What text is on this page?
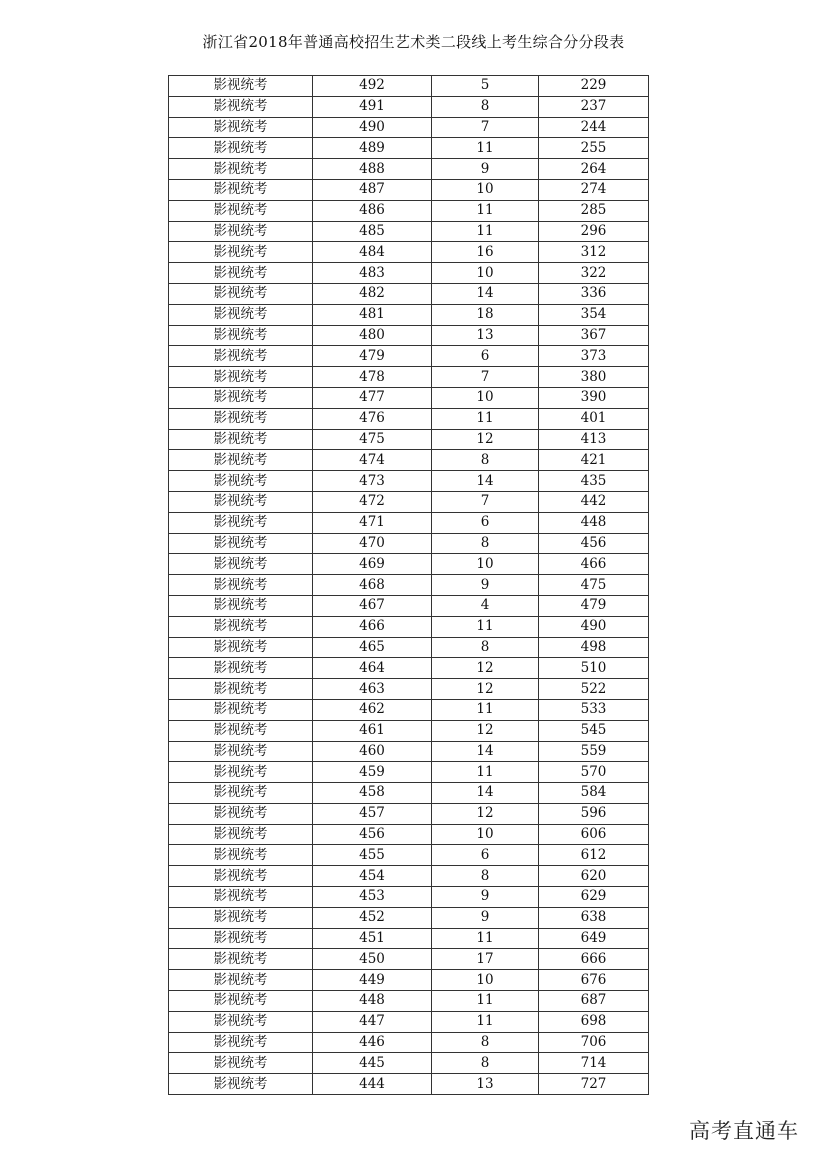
浙江省2018年普通高校招生艺术类二段线上考生综合分分段表
影视统考	492	5	229
影视统考	491	8	237
影视统考	490	7	244
影视统考	489	11	255
影视统考	488	9	264
影视统考	487	10	274
影视统考	486	11	285
影视统考	485	11	296
影视统考	484	16	312
影视统考	483	10	322
影视统考	482	14	336
影视统考	481	18	354
影视统考	480	13	367
影视统考	479	6	373
影视统考	478	7	380
影视统考	477	10	390
影视统考	476	11	401
影视统考	475	12	413
影视统考	474	8	421
影视统考	473	14	435
影视统考	472	7	442
影视统考	471	6	448
影视统考	470	8	456
影视统考	469	10	466
影视统考	468	9	475
影视统考	467	4	479
影视统考	466	11	490
影视统考	465	8	498
影视统考	464	12	510
影视统考	463	12	522
影视统考	462	11	533
影视统考	461	12	545
影视统考	460	14	559
影视统考	459	11	570
影视统考	458	14	584
影视统考	457	12	596
影视统考	456	10	606
影视统考	455	6	612
影视统考	454	8	620
影视统考	453	9	629
影视统考	452	9	638
影视统考	451	11	649
影视统考	450	17	666
影视统考	449	10	676
影视统考	448	11	687
影视统考	447	11	698
影视统考	446	8	706
影视统考	445	8	714
影视统考	444	13	727
高考直通车
